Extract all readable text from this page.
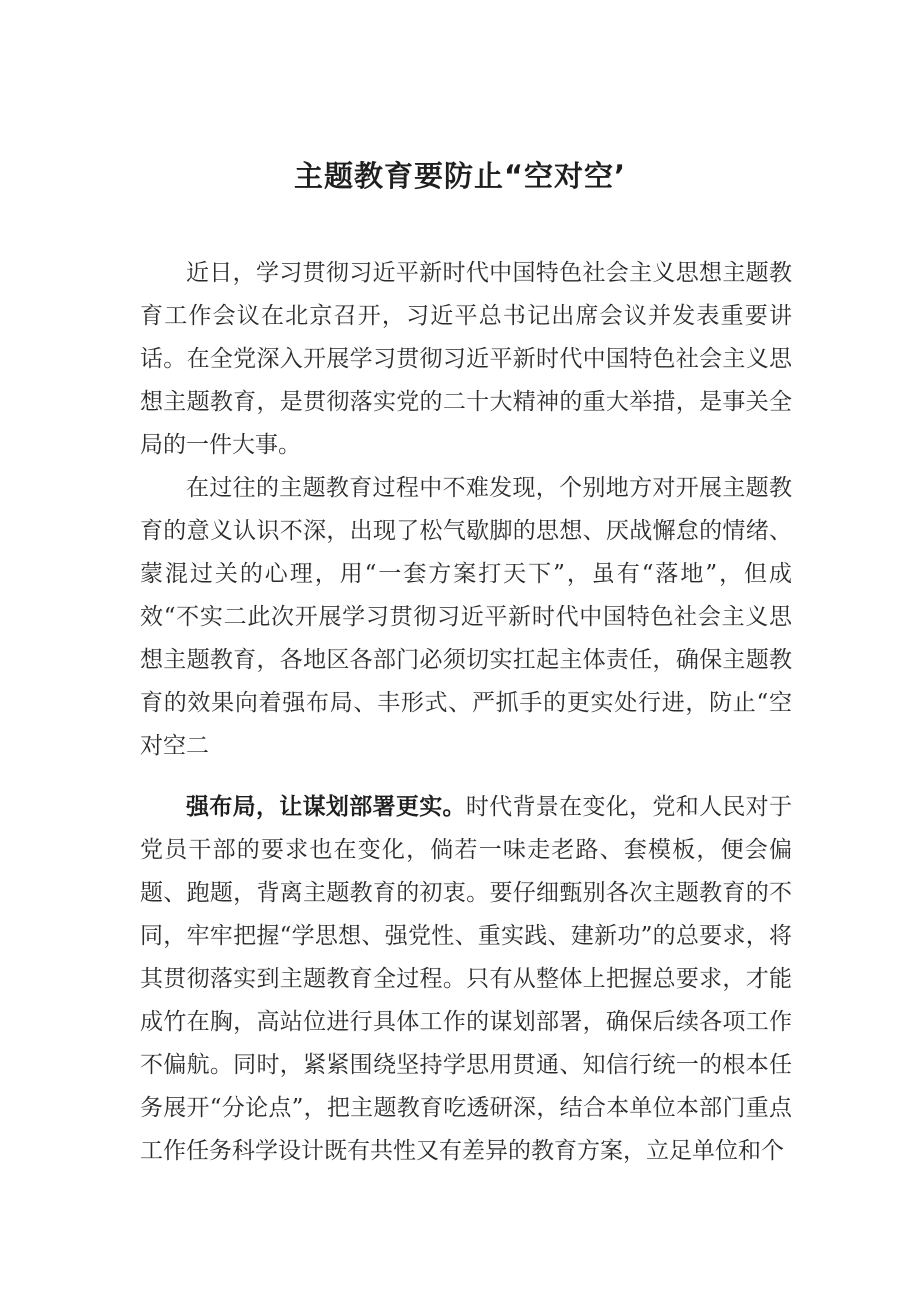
主题教育要防止“空对空’

近日，学习贯彻习近平新时代中国特色社会主义思想主题教育工作会议在北京召开，习近平总书记出席会议并发表重要讲话。在全党深入开展学习贯彻习近平新时代中国特色社会主义思想主题教育，是贯彻落实党的二十大精神的重大举措，是事关全局的一件大事。

在过往的主题教育过程中不难发现，个别地方对开展主题教育的意义认识不深，出现了松气歇脚的思想、厌战懈怠的情绪、蒙混过关的心理，用“一套方案打天下”，虽有“落地”，但成效“不实二此次开展学习贯彻习近平新时代中国特色社会主义思想主题教育，各地区各部门必须切实扛起主体责任，确保主题教育的效果向着强布局、丰形式、严抓手的更实处行进，防止“空对空二

强布局，让谋划部署更实。时代背景在变化，党和人民对于党员干部的要求也在变化，倘若一味走老路、套模板，便会偏题、跑题，背离主题教育的初衷。要仔细甄别各次主题教育的不同，牢牢把握“学思想、强党性、重实践、建新功”的总要求，将其贯彻落实到主题教育全过程。只有从整体上把握总要求，才能成竹在胸，高站位进行具体工作的谋划部署，确保后续各项工作不偏航。同时，紧紧围绕坚持学思用贯通、知信行统一的根本任务展开“分论点”，把主题教育吃透研深，结合本单位本部门重点工作任务科学设计既有共性又有差异的教育方案，立足单位和个
